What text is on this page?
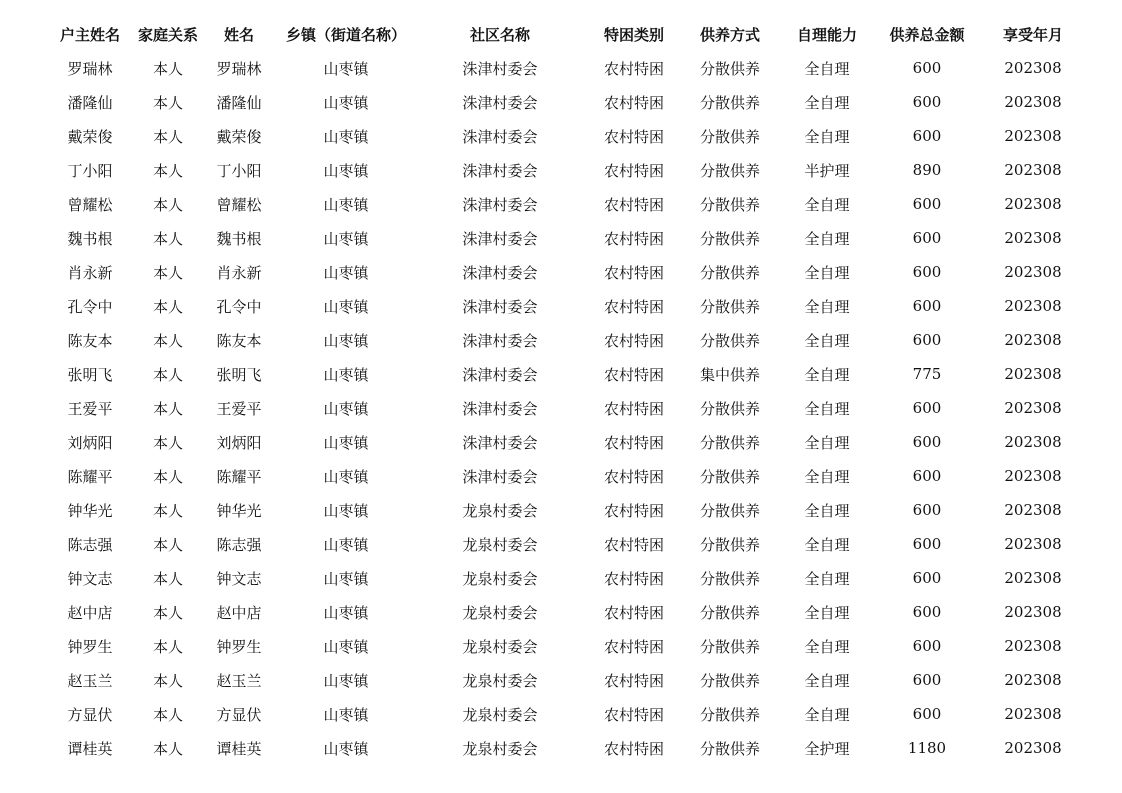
户主姓名	家庭关系	姓名	乡镇（街道名称）	社区名称	特困类别	供养方式	自理能力	供养总金额	享受年月
罗瑞林	本人	罗瑞林	山枣镇	洙津村委会	农村特困	分散供养	全自理	600	202308
潘隆仙	本人	潘隆仙	山枣镇	洙津村委会	农村特困	分散供养	全自理	600	202308
戴荣俊	本人	戴荣俊	山枣镇	洙津村委会	农村特困	分散供养	全自理	600	202308
丁小阳	本人	丁小阳	山枣镇	洙津村委会	农村特困	分散供养	半护理	890	202308
曾耀松	本人	曾耀松	山枣镇	洙津村委会	农村特困	分散供养	全自理	600	202308
魏书根	本人	魏书根	山枣镇	洙津村委会	农村特困	分散供养	全自理	600	202308
肖永新	本人	肖永新	山枣镇	洙津村委会	农村特困	分散供养	全自理	600	202308
孔令中	本人	孔令中	山枣镇	洙津村委会	农村特困	分散供养	全自理	600	202308
陈友本	本人	陈友本	山枣镇	洙津村委会	农村特困	分散供养	全自理	600	202308
张明飞	本人	张明飞	山枣镇	洙津村委会	农村特困	集中供养	全自理	775	202308
王爱平	本人	王爱平	山枣镇	洙津村委会	农村特困	分散供养	全自理	600	202308
刘炳阳	本人	刘炳阳	山枣镇	洙津村委会	农村特困	分散供养	全自理	600	202308
陈耀平	本人	陈耀平	山枣镇	洙津村委会	农村特困	分散供养	全自理	600	202308
钟华光	本人	钟华光	山枣镇	龙泉村委会	农村特困	分散供养	全自理	600	202308
陈志强	本人	陈志强	山枣镇	龙泉村委会	农村特困	分散供养	全自理	600	202308
钟文志	本人	钟文志	山枣镇	龙泉村委会	农村特困	分散供养	全自理	600	202308
赵中店	本人	赵中店	山枣镇	龙泉村委会	农村特困	分散供养	全自理	600	202308
钟罗生	本人	钟罗生	山枣镇	龙泉村委会	农村特困	分散供养	全自理	600	202308
赵玉兰	本人	赵玉兰	山枣镇	龙泉村委会	农村特困	分散供养	全自理	600	202308
方显伏	本人	方显伏	山枣镇	龙泉村委会	农村特困	分散供养	全自理	600	202308
谭桂英	本人	谭桂英	山枣镇	龙泉村委会	农村特困	分散供养	全护理	1180	202308
